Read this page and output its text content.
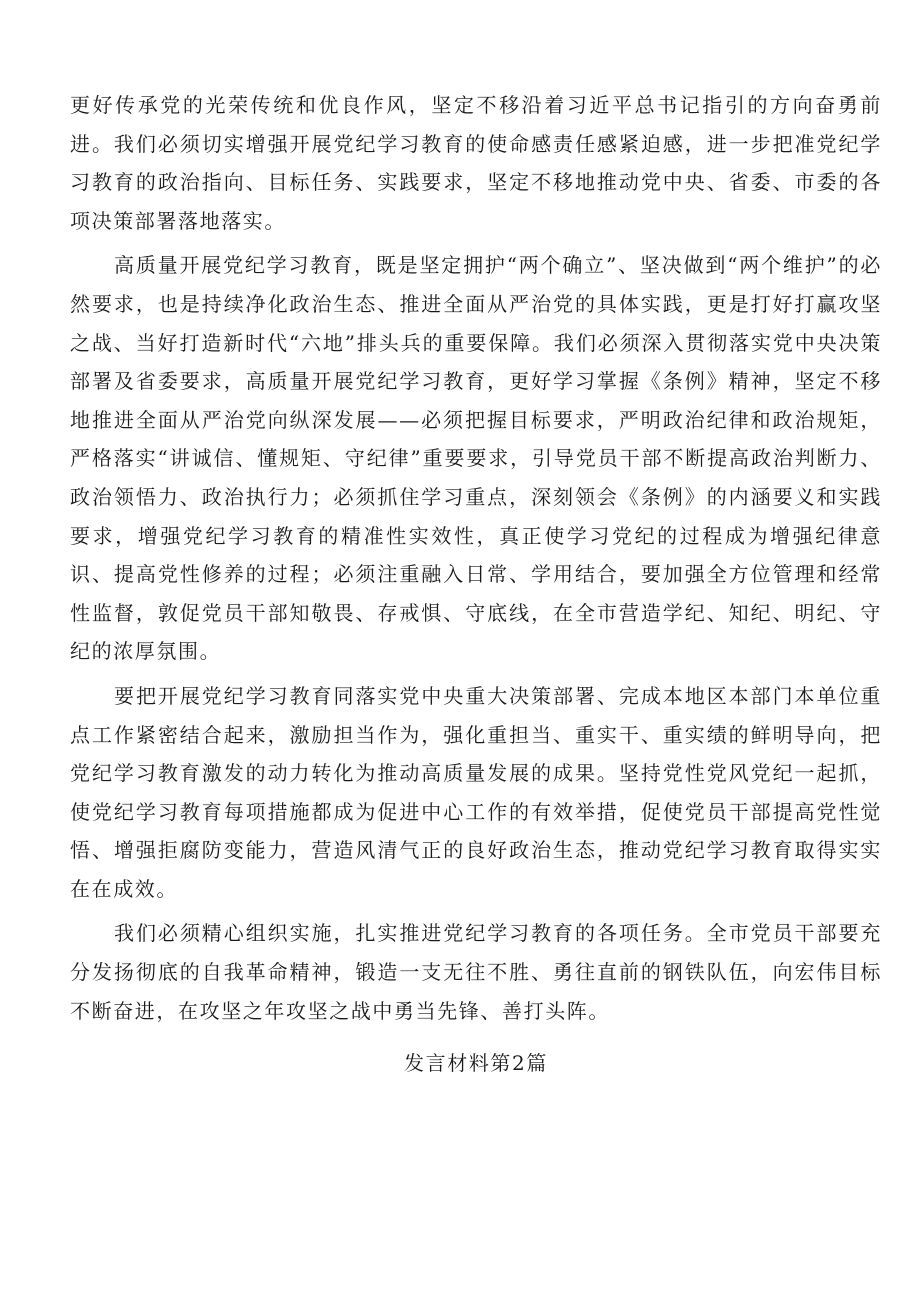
更好传承党的光荣传统和优良作风，坚定不移沿着习近平总书记指引的方向奋勇前进。我们必须切实增强开展党纪学习教育的使命感责任感紧迫感，进一步把准党纪学习教育的政治指向、目标任务、实践要求，坚定不移地推动党中央、省委、市委的各项决策部署落地落实。

高质量开展党纪学习教育，既是坚定拥护“两个确立”、坚决做到“两个维护”的必然要求，也是持续净化政治生态、推进全面从严治党的具体实践，更是打好打赢攻坚之战、当好打造新时代“六地”排头兵的重要保障。我们必须深入贯彻落实党中央决策部署及省委要求，高质量开展党纪学习教育，更好学习掌握《条例》精神，坚定不移地推进全面从严治党向纵深发展——必须把握目标要求，严明政治纪律和政治规矩，严格落实“讲诚信、懂规矩、守纪律”重要要求，引导党员干部不断提高政治判断力、政治领悟力、政治执行力；必须抓住学习重点，深刻领会《条例》的内涵要义和实践要求，增强党纪学习教育的精准性实效性，真正使学习党纪的过程成为增强纪律意识、提高党性修养的过程；必须注重融入日常、学用结合，要加强全方位管理和经常性监督，敦促党员干部知敬畏、存戒惧、守底线，在全市营造学纪、知纪、明纪、守纪的浓厚氛围。

要把开展党纪学习教育同落实党中央重大决策部署、完成本地区本部门本单位重点工作紧密结合起来，激励担当作为，强化重担当、重实干、重实绩的鲜明导向，把党纪学习教育激发的动力转化为推动高质量发展的成果。坚持党性党风党纪一起抓，使党纪学习教育每项措施都成为促进中心工作的有效举措，促使党员干部提高党性觉悟、增强拒腐防变能力，营造风清气正的良好政治生态，推动党纪学习教育取得实实在在成效。

我们必须精心组织实施，扎实推进党纪学习教育的各项任务。全市党员干部要充分发扬彻底的自我革命精神，锻造一支无往不胜、勇往直前的钢铁队伍，向宏伟目标不断奋进，在攻坚之年攻坚之战中勇当先锋、善打头阵。

发言材料第2篇
